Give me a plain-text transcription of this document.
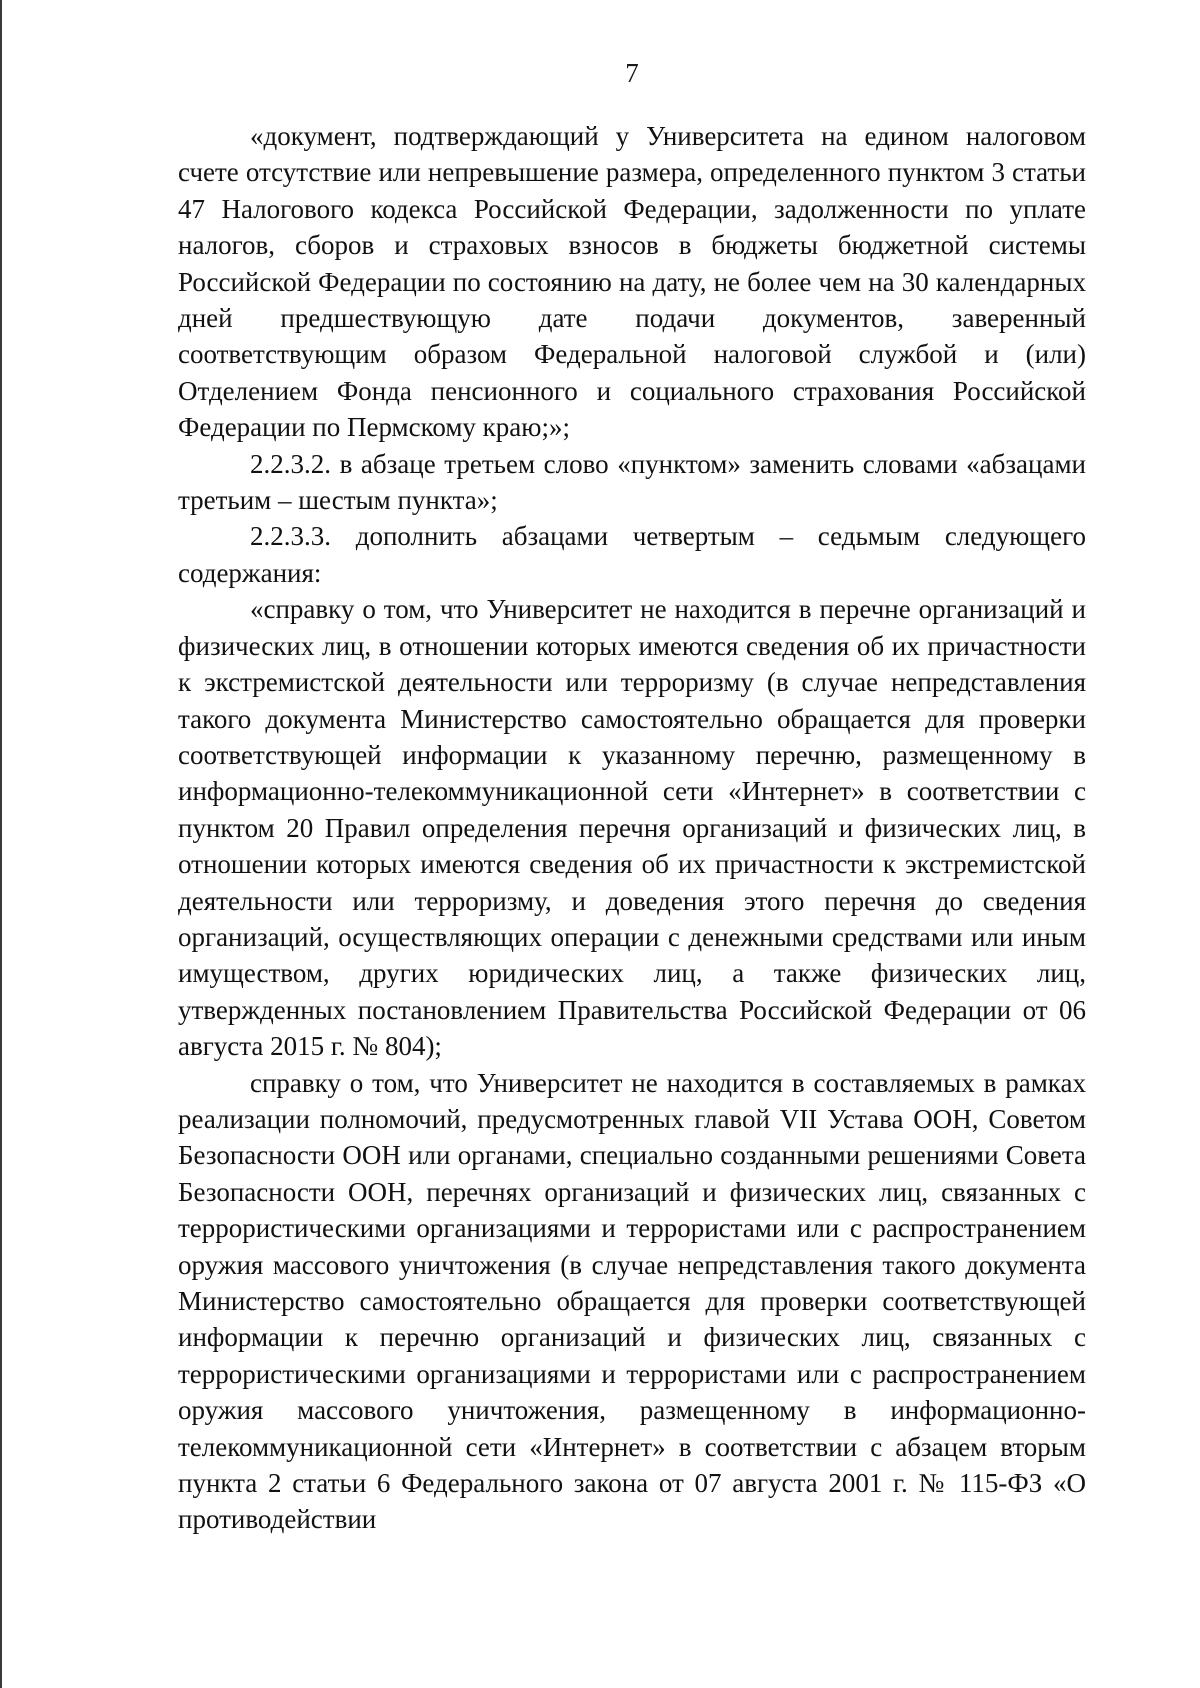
7

«документ, подтверждающий у Университета на едином налоговом счете отсутствие или непревышение размера, определенного пунктом 3 статьи 47 Налогового кодекса Российской Федерации, задолженности по уплате налогов, сборов и страховых взносов в бюджеты бюджетной системы Российской Федерации по состоянию на дату, не более чем на 30 календарных дней предшествующую дате подачи документов, заверенный соответствующим образом Федеральной налоговой службой и (или) Отделением Фонда пенсионного и социального страхования Российской Федерации по Пермскому краю;»;

2.2.3.2. в абзаце третьем слово «пунктом» заменить словами «абзацами третьим – шестым пункта»;

2.2.3.3. дополнить абзацами четвертым – седьмым следующего содержания:

«справку о том, что Университет не находится в перечне организаций и физических лиц, в отношении которых имеются сведения об их причастности к экстремистской деятельности или терроризму (в случае непредставления такого документа Министерство самостоятельно обращается для проверки соответствующей информации к указанному перечню, размещенному в информационно-телекоммуникационной сети «Интернет» в соответствии с пунктом 20 Правил определения перечня организаций и физических лиц, в отношении которых имеются сведения об их причастности к экстремистской деятельности или терроризму, и доведения этого перечня до сведения организаций, осуществляющих операции с денежными средствами или иным имуществом, других юридических лиц, а также физических лиц, утвержденных постановлением Правительства Российской Федерации от 06 августа 2015 г. № 804);

справку о том, что Университет не находится в составляемых в рамках реализации полномочий, предусмотренных главой VII Устава ООН, Советом Безопасности ООН или органами, специально созданными решениями Совета Безопасности ООН, перечнях организаций и физических лиц, связанных с террористическими организациями и террористами или с распространением оружия массового уничтожения (в случае непредставления такого документа Министерство самостоятельно обращается для проверки соответствующей информации к перечню организаций и физических лиц, связанных с террористическими организациями и террористами или с распространением оружия массового уничтожения, размещенному в информационно-телекоммуникационной сети «Интернет» в соответствии с абзацем вторым пункта 2 статьи 6 Федерального закона от 07 августа 2001 г. № 115-ФЗ «О противодействии
